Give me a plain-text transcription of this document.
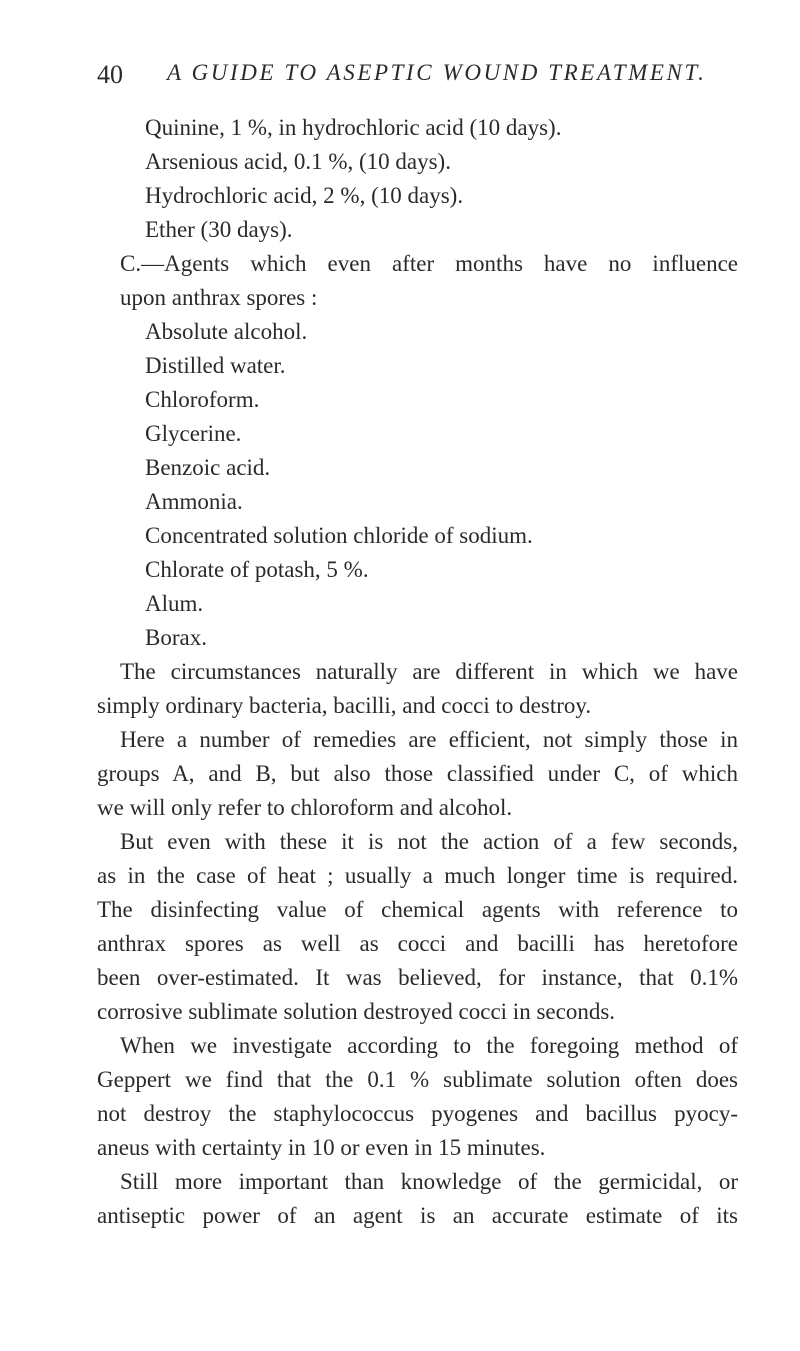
40 A GUIDE TO ASEPTIC WOUND TREATMENT.
Quinine, 1 %, in hydrochloric acid (10 days).
Arsenious acid, 0.1 %, (10 days).
Hydrochloric acid, 2 %, (10 days).
Ether (30 days).
C.—Agents which even after months have no influence
upon anthrax spores :
Absolute alcohol.
Distilled water.
Chloroform.
Glycerine.
Benzoic acid.
Ammonia.
Concentrated solution chloride of sodium.
Chlorate of potash, 5 %.
Alum.
Borax.
The circumstances naturally are different in which we have
simply ordinary bacteria, bacilli, and cocci to destroy.
Here a number of remedies are efficient, not simply those in
groups A, and B, but also those classified under C, of which
we will only refer to chloroform and alcohol.
But even with these it is not the action of a few seconds,
as in the case of heat ; usually a much longer time is required.
The disinfecting value of chemical agents with reference to
anthrax spores as well as cocci and bacilli has heretofore
been over-estimated. It was believed, for instance, that 0.1%
corrosive sublimate solution destroyed cocci in seconds.
When we investigate according to the foregoing method of
Geppert we find that the 0.1 % sublimate solution often does
not destroy the staphylococcus pyogenes and bacillus pyocy-
aneus with certainty in 10 or even in 15 minutes.
Still more important than knowledge of the germicidal, or
antiseptic power of an agent is an accurate estimate of its
